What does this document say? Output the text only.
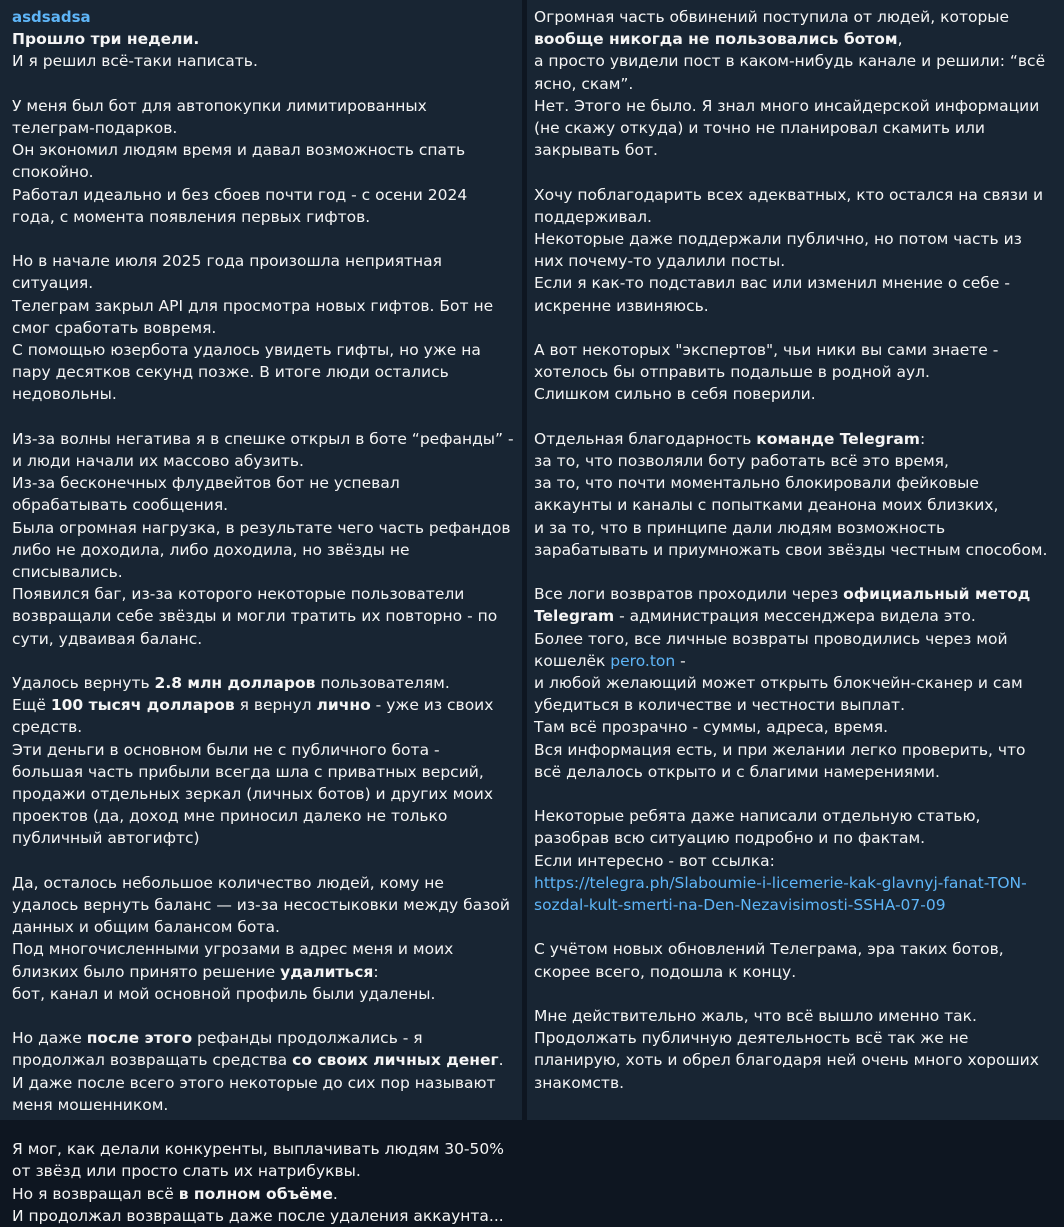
asdsadsa
Прошло три недели.
И я решил всё-таки написать.
У меня был бот для автопокупки лимитированных телеграм-подарков.
Он экономил людям время и давал возможность спать спокойно.
Работал идеально и без сбоев почти год - с осени 2024 года, с момента появления первых гифтов.
Но в начале июля 2025 года произошла неприятная ситуация.
Телеграм закрыл API для просмотра новых гифтов. Бот не смог сработать вовремя.
С помощью юзербота удалось увидеть гифты, но уже на пару десятков секунд позже. В итоге люди остались недовольны.
Из-за волны негатива я в спешке открыл в боте “рефанды” - и люди начали их массово абузить.
Из-за бесконечных флудвейтов бот не успевал обрабатывать сообщения.
Была огромная нагрузка, в результате чего часть рефандов либо не доходила, либо доходила, но звёзды не списывались.
Появился баг, из-за которого некоторые пользователи возвращали себе звёзды и могли тратить их повторно - по сути, удваивая баланс.
Удалось вернуть 2.8 млн долларов пользователям.
Ещё 100 тысяч долларов я вернул лично - уже из своих средств.
Эти деньги в основном были не с публичного бота - большая часть прибыли всегда шла с приватных версий, продажи отдельных зеркал (личных ботов) и других моих проектов (да, доход мне приносил далеко не только публичный автогифтс)
Да, осталось небольшое количество людей, кому не удалось вернуть баланс — из-за несостыковки между базой данных и общим балансом бота.
Под многочисленными угрозами в адрес меня и моих близких было принято решение удалиться:
бот, канал и мой основной профиль были удалены.
Но даже после этого рефанды продолжались - я продолжал возвращать средства со своих личных денег.
И даже после всего этого некоторые до сих пор называют меня мошенником.
Я мог, как делали конкуренты, выплачивать людям 30-50% от звёзд или просто слать их натрибуквы.
Но я возвращал всё в полном объёме.
И продолжал возвращать даже после удаления аккаунта...
Огромная часть обвинений поступила от людей, которые
вообще никогда не пользовались ботом,
а просто увидели пост в каком-нибудь канале и решили: “всё ясно, скам”.
Нет. Этого не было. Я знал много инсайдерской информации (не скажу откуда) и точно не планировал скамить или закрывать бот.
Хочу поблагодарить всех адекватных, кто остался на связи и поддерживал.
Некоторые даже поддержали публично, но потом часть из них почему-то удалили посты.
Если я как-то подставил вас или изменил мнение о себе - искренне извиняюсь.
А вот некоторых "экспертов", чьи ники вы сами знаете - хотелось бы отправить подальше в родной аул.
Слишком сильно в себя поверили.
Отдельная благодарность команде Telegram:
за то, что позволяли боту работать всё это время,
за то, что почти моментально блокировали фейковые аккаунты и каналы с попытками деанона моих близких,
и за то, что в принципе дали людям возможность зарабатывать и приумножать свои звёзды честным способом.
Все логи возвратов проходили через официальный метод Telegram - администрация мессенджера видела это.
Более того, все личные возвраты проводились через мой кошелёк pero.ton -
и любой желающий может открыть блокчейн-сканер и сам убедиться в количестве и честности выплат.
Там всё прозрачно - суммы, адреса, время.
Вся информация есть, и при желании легко проверить, что всё делалось открыто и с благими намерениями.
Некоторые ребята даже написали отдельную статью, разобрав всю ситуацию подробно и по фактам.
Если интересно - вот ссылка:
https://telegra.ph/Slaboumie-i-licemerie-kak-glavnyj-fanat-TON-sozdal-kult-smerti-na-Den-Nezavisimosti-SSHA-07-09
С учётом новых обновлений Телеграма, эра таких ботов, скорее всего, подошла к концу.
Мне действительно жаль, что всё вышло именно так.
Продолжать публичную деятельность всё так же не планирую, хоть и обрел благодаря ней очень много хороших знакомств.
